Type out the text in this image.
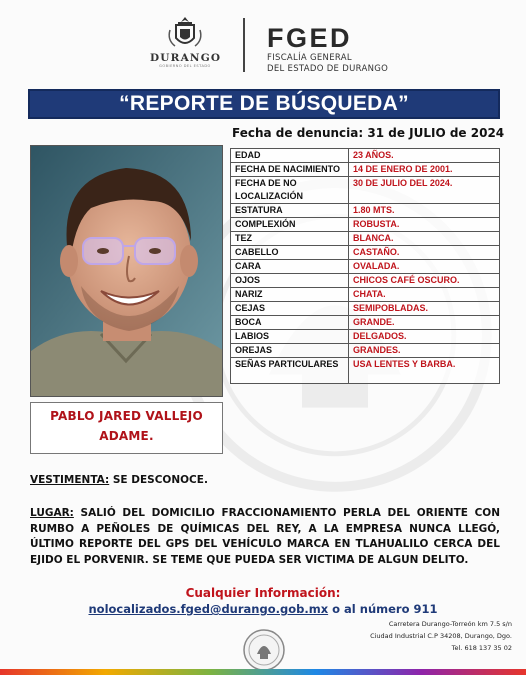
DURANGO
GOBIERNO DEL ESTADO
FGED
FISCALÍA GENERAL
DEL ESTADO DE DURANGO
“REPORTE DE BÚSQUEDA”
Fecha de denuncia: 31 de JULIO de 2024
PABLO JARED VALLEJO
ADAME.
EDAD	23 AÑOS.
FECHA DE NACIMIENTO	14 DE ENERO DE 2001.
FECHA DE NO LOCALIZACIÓN	30 DE JULIO DEL 2024.
ESTATURA	1.80 MTS.
COMPLEXIÓN	ROBUSTA.
TEZ	BLANCA.
CABELLO	CASTAÑO.
CARA	OVALADA.
OJOS	CHICOS CAFÉ OSCURO.
NARIZ	CHATA.
CEJAS	SEMIPOBLADAS.
BOCA	GRANDE.
LABIOS	DELGADOS.
OREJAS	GRANDES.
SEÑAS PARTICULARES	USA LENTES Y BARBA.
VESTIMENTA: SE DESCONOCE.
LUGAR: SALIÓ DEL DOMICILIO FRACCIONAMIENTO PERLA DEL ORIENTE CON RUMBO A PEÑOLES DE QUÍMICAS DEL REY, A LA EMPRESA NUNCA LLEGÓ, ÚLTIMO REPORTE DEL GPS DEL VEHÍCULO MARCA EN TLAHUALILO CERCA DEL EJIDO EL PORVENIR. SE TEME QUE PUEDA SER VICTIMA DE ALGUN DELITO.
Cualquier Información:
nolocalizados.fged@durango.gob.mx o al número 911
Carretera Durango-Torreón km 7.5 s/n
Ciudad Industrial C.P 34208, Durango, Dgo.
Tel. 618 137 35 02
